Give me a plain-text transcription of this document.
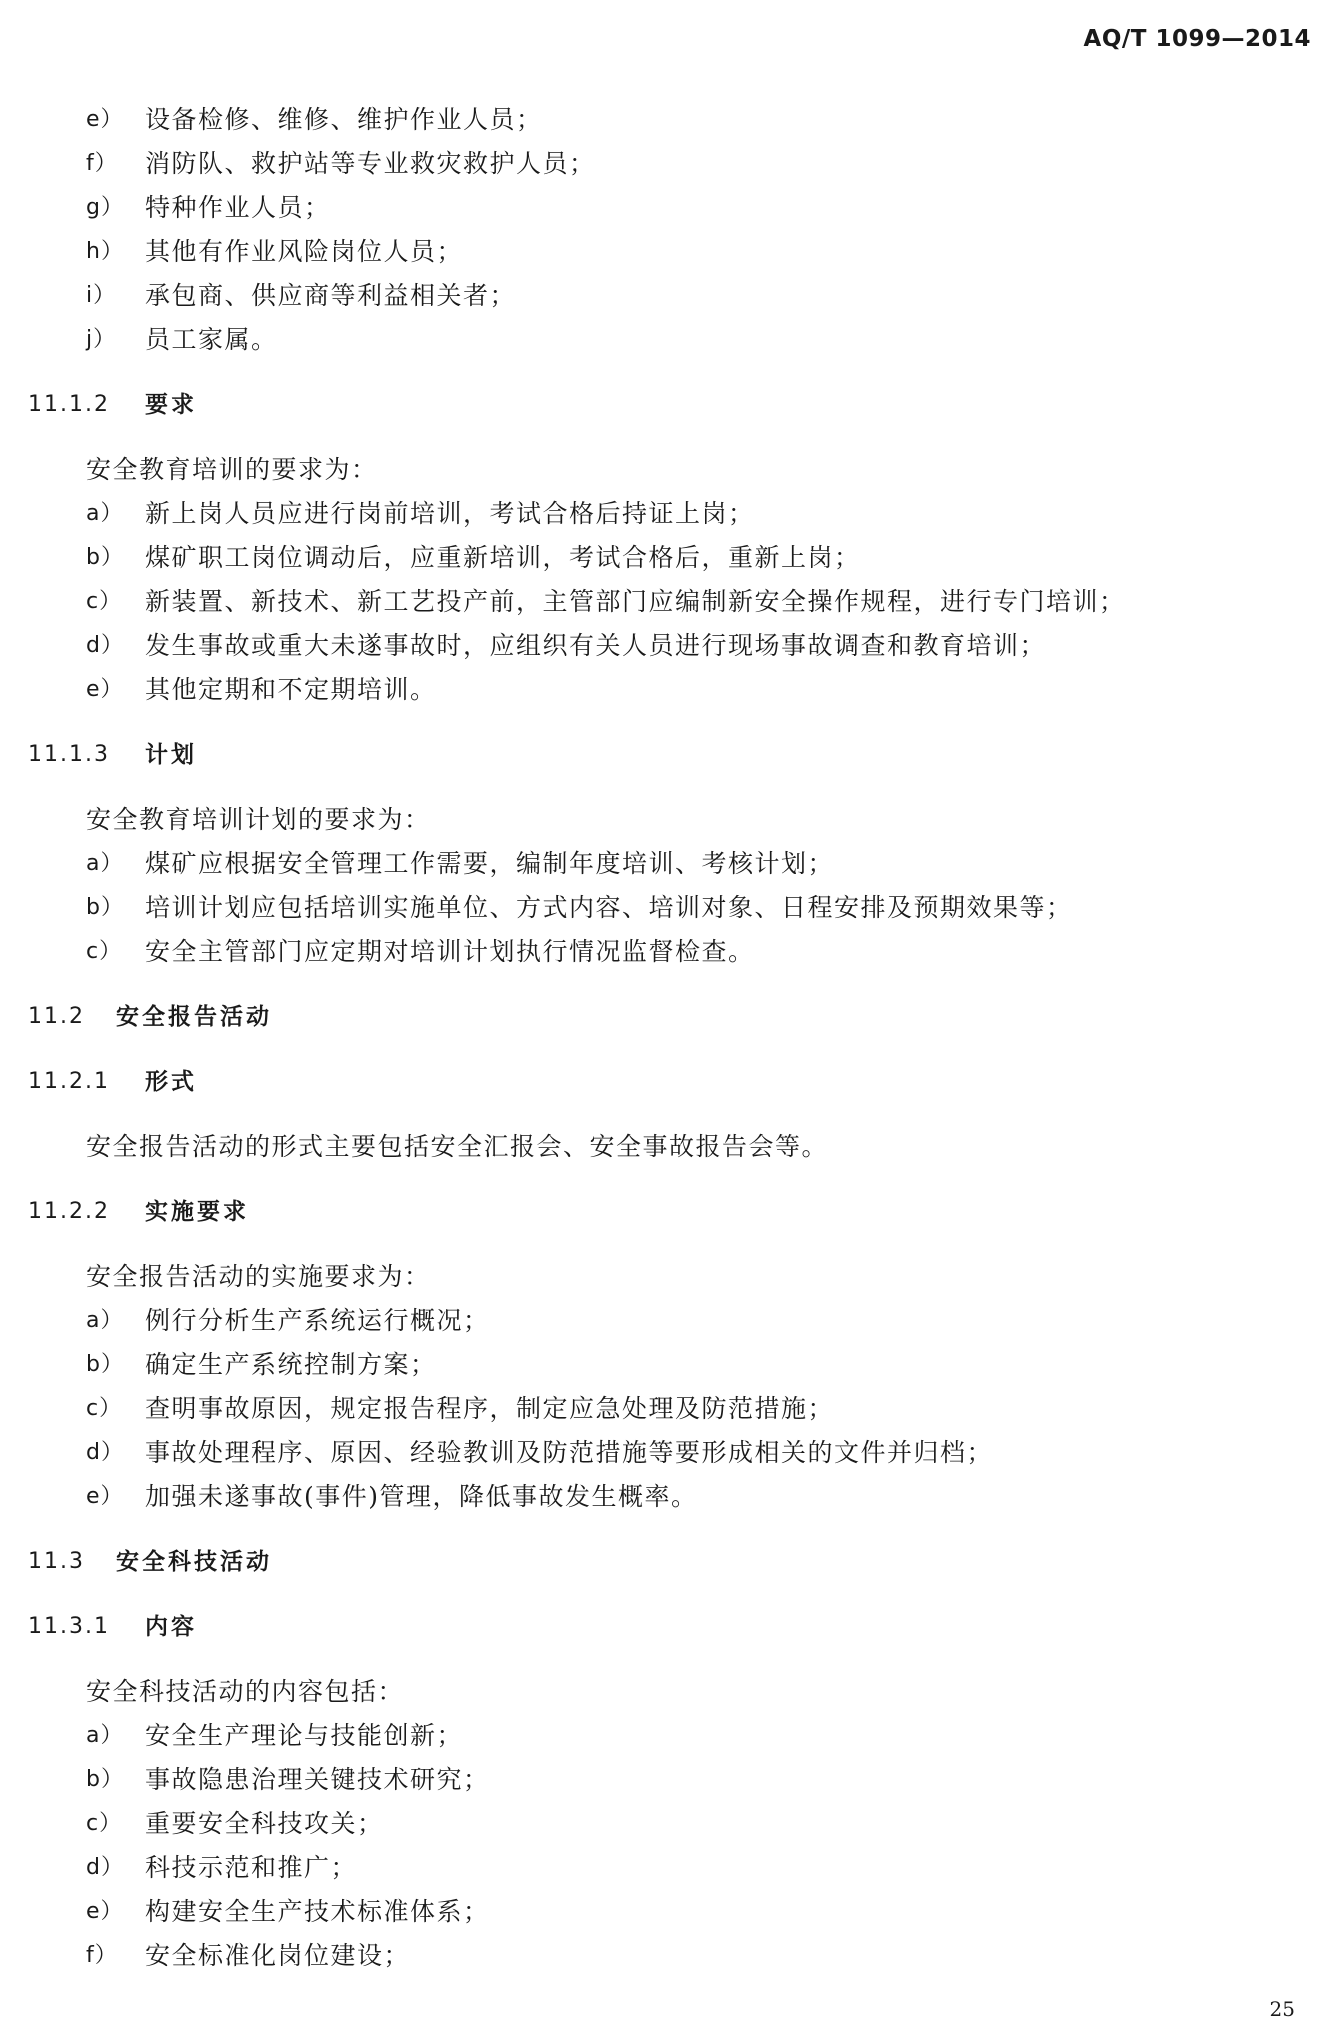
AQ/T 1099—2014
e） 设备检修、维修、维护作业人员；
f）	消防队、救护站等专业救灾救护人员；
g） 特种作业人员；
h） 其他有作业风险岗位人员；
i）	承包商、供应商等利益相关者；
j）	员工家属。
11.1.2 要求
安全教育培训的要求为：
a） 新上岗人员应进行岗前培训，考试合格后持证上岗；
b） 煤矿职工岗位调动后，应重新培训，考试合格后，重新上岗；
c） 新装置、新技术、新工艺投产前，主管部门应编制新安全操作规程，进行专门培训；
d） 发生事故或重大未遂事故时，应组织有关人员进行现场事故调查和教育培训；
e） 其他定期和不定期培训。
11.1.3 计划
安全教育培训计划的要求为：
a） 煤矿应根据安全管理工作需要，编制年度培训、考核计划；
b） 培训计划应包括培训实施单位、方式内容、培训对象、日程安排及预期效果等；
c） 安全主管部门应定期对培训计划执行情况监督检查。
11.2 安全报告活动
11.2.1 形式
安全报告活动的形式主要包括安全汇报会、安全事故报告会等。
11.2.2 实施要求
安全报告活动的实施要求为：
a） 例行分析生产系统运行概况；
b） 确定生产系统控制方案；
c） 查明事故原因，规定报告程序，制定应急处理及防范措施；
d） 事故处理程序、原因、经验教训及防范措施等要形成相关的文件并归档；
e） 加强未遂事故(事件)管理，降低事故发生概率。
11.3 安全科技活动
11.3.1 内容
安全科技活动的内容包括：
a） 安全生产理论与技能创新；
b） 事故隐患治理关键技术研究；
c） 重要安全科技攻关；
d） 科技示范和推广；
e） 构建安全生产技术标准体系；
f）	安全标准化岗位建设；
25
